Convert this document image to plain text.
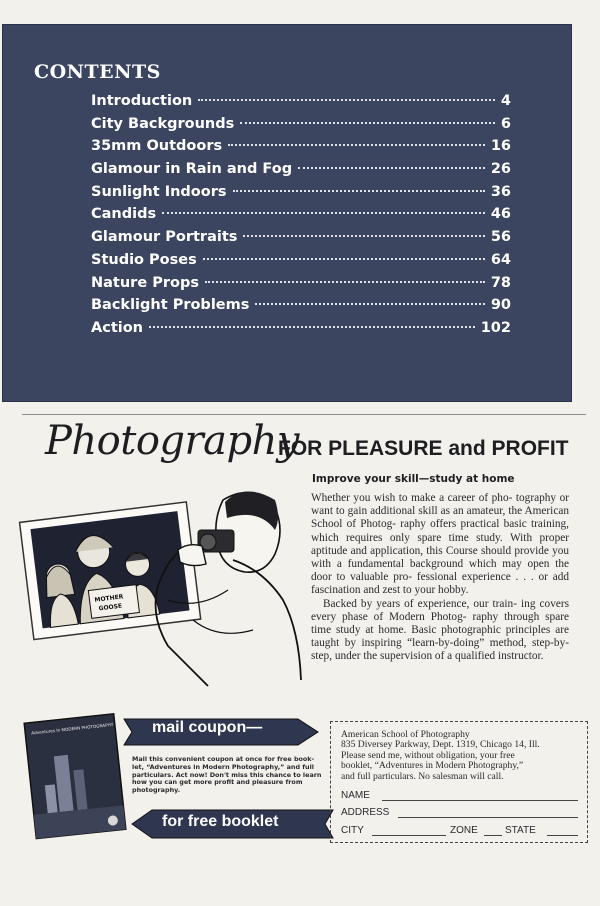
CONTENTS
Introduction	4
City Backgrounds	6
35mm Outdoors	16
Glamour in Rain and Fog	26
Sunlight Indoors	36
Candids	46
Glamour Portraits	56
Studio Poses	64
Nature Props	78
Backlight Problems	90
Action	102
Photography
FOR PLEASURE and PROFIT
Improve your skill—study at home

Whether you wish to make a career of pho- tography or want to gain additional skill as an amateur, the American School of Photog- raphy offers practical basic training, which requires only spare time study. With proper aptitude and application, this Course should provide you with a fundamental background which may open the door to valuable pro- fessional experience . . . or add fascination and zest to your hobby.

Backed by years of experience, our train- ing covers every phase of Modern Photog- raphy through spare time study at home. Basic photographic principles are taught by inspiring “learn-by-doing” method, step-by- step, under the supervision of a qualified instructor.

MOTHER
GOOSE
Adventures In MODERN PHOTOGRAPHY mail coupon—
Mail this convenient coupon at once for free book-
let, “Adventures in Modern Photography,” and full
particulars. Act now! Don't miss this chance to learn
how you can get more profit and pleasure from
photography.
for free booklet
American School of Photography
835 Diversey Parkway, Dept. 1319, Chicago 14, Ill.
Please send me, without obligation, your free
booklet, “Adventures in Modern Photography,”
and full particulars. No salesman will call.
NAME
ADDRESS
CITY	ZONE	STATE
